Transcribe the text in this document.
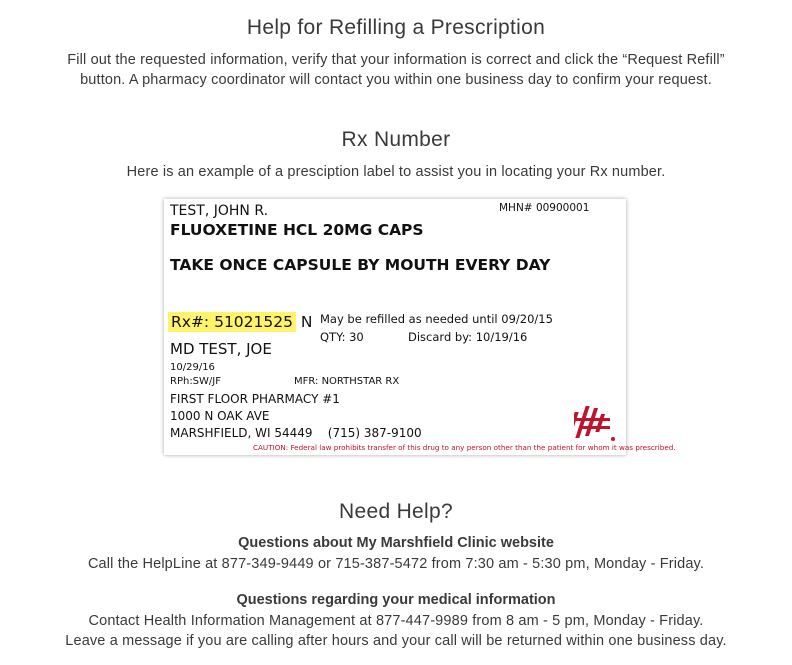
Help for Refilling a Prescription
Fill out the requested information, verify that your information is correct and click the “Request Refill”
button. A pharmacy coordinator will contact you within one business day to confirm your request.
Rx Number
Here is an example of a presciption label to assist you in locating your Rx number.
TEST, JOHN R.	MHN# 00900001
FLUOXETINE HCL 20MG CAPS
TAKE ONCE CAPSULE BY MOUTH EVERY DAY
Rx#: 51021525 N May be refilled as needed until 09/20/15
QTY: 30	Discard by: 10/19/16
MD TEST, JOE
10/29/16
RPh:SW/JF	MFR: NORTHSTAR RX
FIRST FLOOR PHARMACY #1
1000 N OAK AVE
MARSHFIELD, WI 54449    (715) 387-9100
CAUTION: Federal law prohibits transfer of this drug to any person other than the patient for whom it was prescribed.
Need Help?
Questions about My Marshfield Clinic website
Call the HelpLine at 877-349-9449 or 715-387-5472 from 7:30 am - 5:30 pm, Monday - Friday.
Questions regarding your medical information
Contact Health Information Management at 877-447-9989 from 8 am - 5 pm, Monday - Friday.
Leave a message if you are calling after hours and your call will be returned within one business day.
